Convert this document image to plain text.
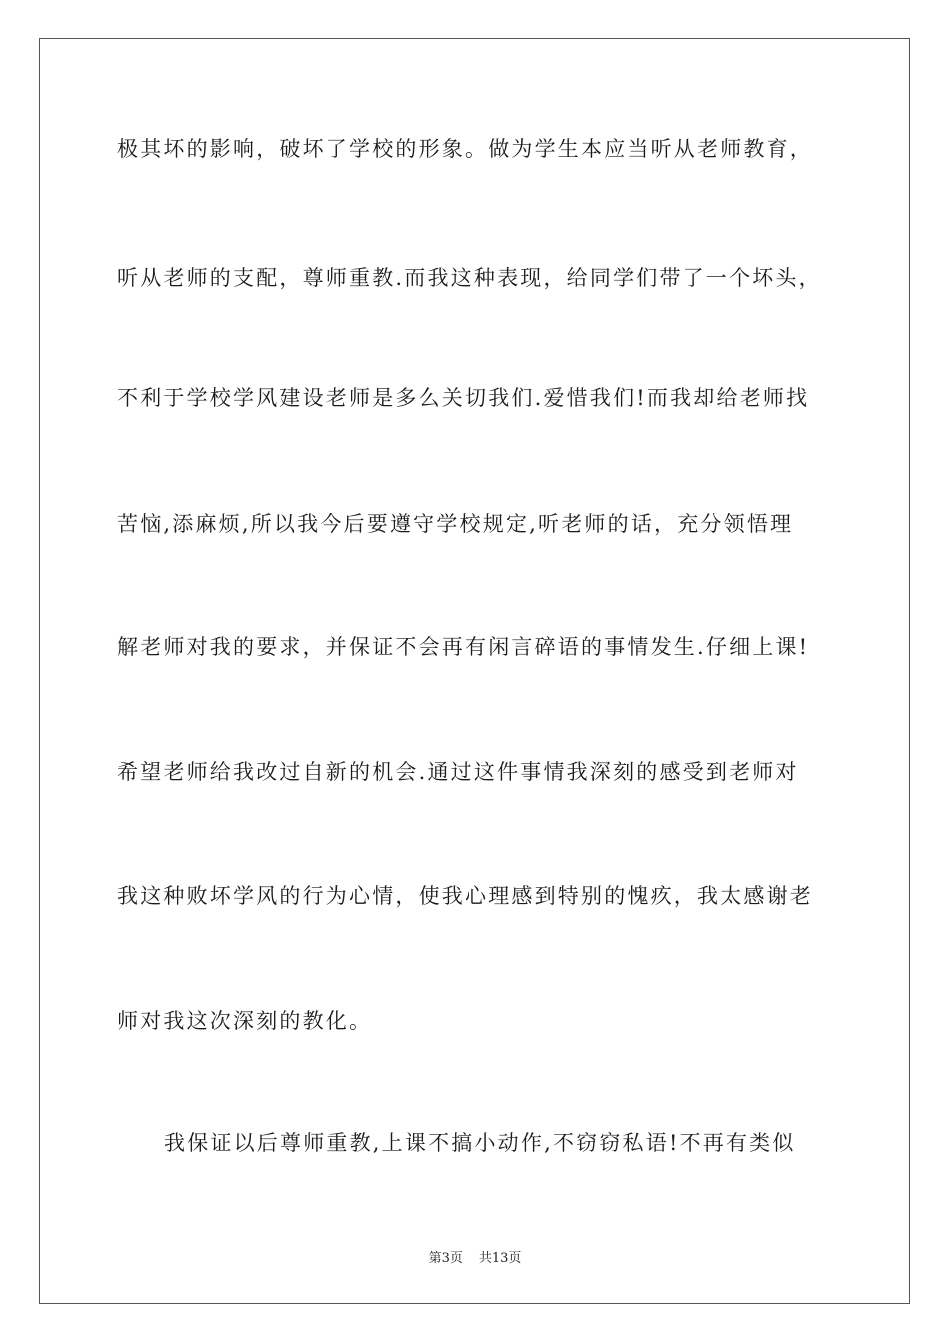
极其坏的影响，破坏了学校的形象。做为学生本应当听从老师教育，
听从老师的支配，尊师重教.而我这种表现，给同学们带了一个坏头，
不利于学校学风建设老师是多么关切我们.爱惜我们!而我却给老师找
苦恼,添麻烦,所以我今后要遵守学校规定,听老师的话，充分领悟理
解老师对我的要求，并保证不会再有闲言碎语的事情发生.仔细上课!
希望老师给我改过自新的机会.通过这件事情我深刻的感受到老师对
我这种败坏学风的行为心情，使我心理感到特别的愧疚，我太感谢老
师对我这次深刻的教化。
我保证以后尊师重教,上课不搞小动作,不窃窃私语!不再有类似
第3页 共13页
